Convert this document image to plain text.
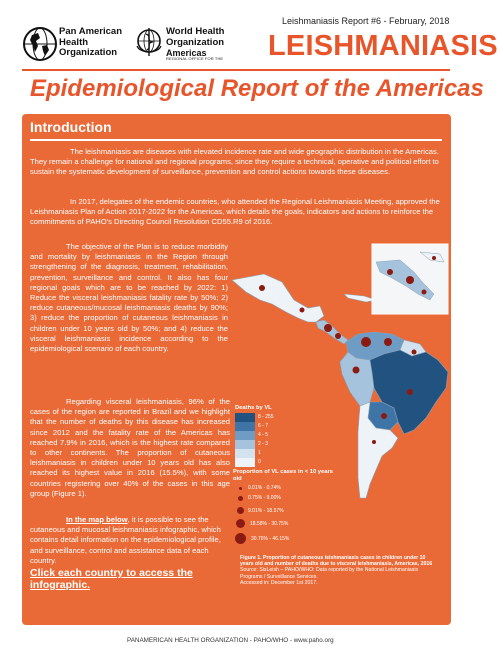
Pan American
Health
Organization
World Health
Organization
Americas
REGIONAL OFFICE FOR THE
Leishmaniasis Report #6 - February, 2018
LEISHMANIASIS
Epidemiological Report of the Americas
Introduction

The leishmaniasis are diseases with elevated incidence rate and wide geographic distribution in the Americas. They remain a challenge for national and regional programs, since they require a technical, operative and political effort to sustain the systematic development of surveillance, prevention and control actions towards these diseases.

In 2017, delegates of the endemic countries, who attended the Regional Leishmaniasis Meeting, approved the Leishmaniasis Plan of Action 2017-2022 for the Americas, which details the goals, indicators and actions to reinforce the commitments of PAHO's Directing Council Resolution CD55.R9 of 2016.

The objective of the Plan is to reduce morbidity and mortality by leishmaniasis in the Region through strengthening of the diagnosis, treatment, rehabilitation, prevention, surveillance and control. It also has four regional goals which are to be reached by 2022: 1) Reduce the visceral leishmaniasis fatality rate by 50%; 2) reduce cutaneous/mucosal leishmaniasis deaths by 90%; 3) reduce the proportion of cutaneous leishmaniasis in children under 10 years old by 50%; and 4) reduce the visceral leishmaniasis incidence according to the epidemiological scenario of each country.

Regarding visceral leishmaniasis, 96% of the cases of the region are reported in Brazil and we highlight that the number of deaths by this disease has increased since 2012 and the fatality rate of the Americas has reached 7.9% in 2016, which is the highest rate compared to other continents. The proportion of cutaneous leishmaniasis in children under 10 years old has also reached its highest value in 2016 (15.5%), with some countries registering over 40% of the cases in this age group (Figure 1).

In the map below, it is possible to see the cutaneous and mucosal leishmaniasis infographic, which contains detail information on the epidemiological profile, and surveillance, control and assistance data of each country.
Click each country to access the infographic.

Deaths by VL
8 - 255
6 - 7
4 - 5
2 - 3
1
0
Proportion of VL cases in < 10 years old
0.01% - 0.74%
0.75% - 9.00%
9.01% - 18.57%
18.58% - 30.75%
30.76% - 46.15%
Figure 1. Proportion of cutaneous leishmaniasis cases in children under 10 years old and number of deaths due to visceral leishmaniasis, Americas, 2016
Source: SisLeish – PAHO/WHO: Data reported by the National Leishmaniasis Programs / Surveillance Services.
Accessed in: December 1st 2017.
PANAMERICAN HEALTH ORGANIZATION - PAHO/WHO - www.paho.org
